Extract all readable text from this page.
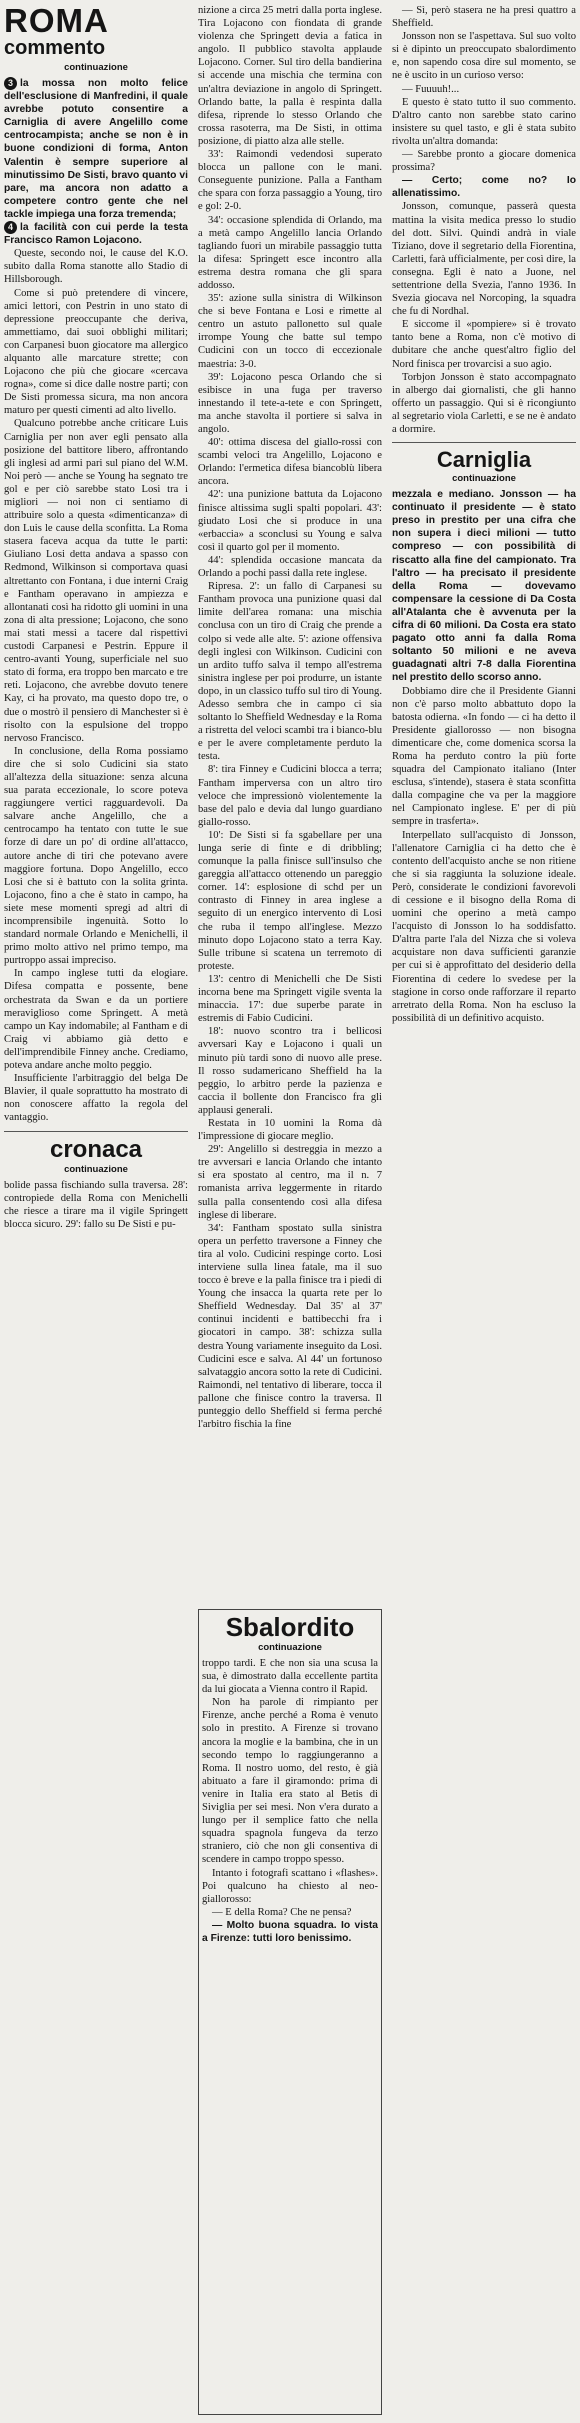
ROMA
commento
continuazione

3 la mossa non molto felice dell'esclusione di Manfredini, il quale avrebbe potuto consentire a Carniglia di avere Angelillo come centrocampista; anche se non è in buone condizioni di forma, Anton Valentin è sempre superiore al minutissimo De Sisti, bravo quanto vi pare, ma ancora non adatto a competere contro gente che nel tackle impiega una forza tremenda;

4 la facilità con cui perde la testa Francisco Ramon Lojacono.

Queste, secondo noi, le cause del K.O. subito dalla Roma stanotte allo Stadio di Hillsborough.

Come si può pretendere di vincere, amici lettori, con Pestrin in uno stato di depressione preoccupante che deriva, ammettiamo, dai suoi obblighi militari; con Carpanesi buon giocatore ma allergico alquanto alle marcature strette; con Lojacono che più che giocare «cercava rogna», come si dice dalle nostre parti; con De Sisti promessa sicura, ma non ancora maturo per questi cimenti ad alto livello.

Qualcuno potrebbe anche criticare Luis Carniglia per non aver egli pensato alla posizione del battitore libero, affrontando gli inglesi ad armi pari sul piano del W.M. Noi però — anche se Young ha segnato tre gol e per ciò sarebbe stato Losi tra i migliori — noi non ci sentiamo di attribuire solo a questa «dimenticanza» di don Luis le cause della sconfitta. La Roma stasera faceva acqua da tutte le parti: Giuliano Losi detta andava a spasso con Redmond, Wilkinson si comportava quasi altrettanto con Fontana, i due interni Craig e Fantham operavano in ampiezza e allontanati così ha ridotto gli uomini in una zona di alta pressione; Lojacono, che sono mai stati messi a tacere dal rispettivi custodi Carpanesi e Pestrin. Eppure il centro-avanti Young, superficiale nel suo stato di forma, era troppo ben marcato e tre reti. Lojacono, che avrebbe dovuto tenere Kay, ci ha provato, ma questo dopo tre, o due o mostrò il pensiero di Manchester sì è risolto con la espulsione del troppo nervoso Francisco.

In conclusione, della Roma possiamo dire che si solo Cudicini sia stato all'altezza della situazione: senza alcuna sua parata eccezionale, lo score poteva raggiungere vertici ragguardevoli. Da salvare anche Angelillo, che a centrocampo ha tentato con tutte le sue forze di dare un po' di ordine all'attacco, autore anche di tiri che potevano avere maggiore fortuna. Dopo Angelillo, ecco Losi che si è battuto con la solita grinta. Lojacono, fino a che è stato in campo, ha siete mese momenti spregi ad altri di incomprensibile ingenuità. Sotto lo standard normale Orlando e Menichelli, il primo molto attivo nel primo tempo, ma purtroppo assai impreciso.

In campo inglese tutti da elogiare. Difesa compatta e possente, bene orchestrata da Swan e da un portiere meraviglioso come Springett. A metà campo un Kay indomabile; al Fantham e di Craig vi abbiamo già detto e dell'imprendibile Finney anche. Crediamo, poteva andare anche molto peggio.

Insufficiente l'arbitraggio del belga De Blavier, il quale soprattutto ha mostrato di non conoscere affatto la regola del vantaggio.

cronaca
continuazione

bolide passa fischiando sulla traversa. 28': contropiede della Roma con Menichelli che riesce a tirare ma il vigile Springett blocca sicuro. 29': fallo su De Sisti e pu-

nizione a circa 25 metri dalla porta inglese. Tira Lojacono con fiondata di grande violenza che Springett devia a fatica in angolo. Il pubblico stavolta applaude Lojacono. Corner. Sul tiro della bandierina si accende una mischia che termina con un'altra deviazione in angolo di Springett. Orlando batte, la palla è respinta dalla difesa, riprende lo stesso Orlando che crossa rasoterra, ma De Sisti, in ottima posizione, di piatto alza alle stelle.

33': Raimondi vedendosi superato blocca un pallone con le mani. Conseguente punizione. Palla a Fantham che spara con forza passaggio a Young, tiro e gol: 2-0.

34': occasione splendida di Orlando, ma a metà campo Angelillo lancia Orlando tagliando fuori un mirabile passaggio tutta la difesa: Springett esce incontro alla estrema destra romana che gli spara addosso.

35': azione sulla sinistra di Wilkinson che si beve Fontana e Losi e rimette al centro un astuto pallonetto sul quale irrompe Young che batte sul tempo Cudicini con un tocco di eccezionale maestria: 3-0.

39': Lojacono pesca Orlando che si esibisce in una fuga per traverso innestando il tete-a-tete e con Springett, ma anche stavolta il portiere si salva in angolo.

40': ottima discesa del giallo-rossi con scambi veloci tra Angelillo, Lojacono e Orlando: l'ermetica difesa biancoblù libera ancora.

42': una punizione battuta da Lojacono finisce altissima sugli spalti popolari. 43': giudato Losi che si produce in una «erbaccia» a sconclusi su Young e salva così il quarto gol per il momento.

44': splendida occasione mancata da Orlando a pochi passi dalla rete inglese.

Ripresa. 2': un fallo di Carpanesi su Fantham provoca una punizione quasi dal limite dell'area romana: una mischia conclusa con un tiro di Craig che prende a colpo si vede alle alte. 5': azione offensiva degli inglesi con Wilkinson. Cudicini con un ardito tuffo salva il tempo all'estrema sinistra inglese per poi produrre, un istante dopo, in un classico tuffo sul tiro di Young. Adesso sembra che in campo ci sia soltanto lo Sheffield Wednesday e la Roma a ristretta del veloci scambi tra i bianco-blu e per le avere completamente perduto la testa.

8': tira Finney e Cudicini blocca a terra; Fantham imperversa con un altro tiro veloce che impressionò violentemente la base del palo e devia dal lungo guardiano giallo-rosso.

10': De Sisti si fa sgabellare per una lunga serie di finte e di dribbling; comunque la palla finisce sull'insulso che gareggia all'attacco ottenendo un pareggio corner. 14': esplosione di schd per un contrasto di Finney in area inglese a seguito di un energico intervento di Losi che ruba il tempo all'inglese. Mezzo minuto dopo Lojacono stato a terra Kay. Sulle tribune si scatena un terremoto di proteste.

13': centro di Menichelli che De Sisti incorna bene ma Springett vigile sventa la minaccia. 17': due superbe parate in estremis di Fabio Cudicini.

18': nuovo scontro tra i bellicosi avversari Kay e Lojacono i quali un minuto più tardi sono di nuovo alle prese. Il rosso sudamericano Sheffield ha la peggio, lo arbitro perde la pazienza e caccia il bollente don Francisco fra gli applausi generali.

Restata in 10 uomini la Roma dà l'impressione di giocare meglio.

29': Angelillo si destreggia in mezzo a tre avversari e lancia Orlando che intanto si era spostato al centro, ma il n. 7 romanista arriva leggermente in ritardo sulla palla consentendo così alla difesa inglese di liberare.

34': Fantham spostato sulla sinistra opera un perfetto traversone a Finney che tira al volo. Cudicini respinge corto. Losi interviene sulla linea fatale, ma il suo tocco è breve e la palla finisce tra i piedi di Young che insacca la quarta rete per lo Sheffield Wednesday. Dal 35' al 37' continui incidenti e battibecchi fra i giocatori in campo. 38': schizza sulla destra Young variamente inseguito da Losi. Cudicini esce e salva. Al 44' un fortunoso salvataggio ancora sotto la rete di Cudicini. Raimondi, nel tentativo di liberare, tocca il pallone che finisce contro la traversa. Il punteggio dello Sheffield si ferma perché l'arbitro fischia la fine

Sbalordito
continuazione

troppo tardi. E che non sia una scusa la sua, è dimostrato dalla eccellente partita da lui giocata a Vienna contro il Rapid.

Non ha parole di rimpianto per Firenze, anche perché a Roma è venuto solo in prestito. A Firenze si trovano ancora la moglie e la bambina, che in un secondo tempo lo raggiungeranno a Roma. Il nostro uomo, del resto, è già abituato a fare il giramondo: prima di venire in Italia era stato al Betis di Siviglia per sei mesi. Non v'era durato a lungo per il semplice fatto che nella squadra spagnola fungeva da terzo straniero, ciò che non gli consentiva di scendere in campo troppo spesso.

Intanto i fotografi scattano i «flashes». Poi qualcuno ha chiesto al neo-giallorosso:

— E della Roma? Che ne pensa?

— Molto buona squadra. Io vista a Firenze: tutti loro benissimo.

— Sì, però stasera ne ha presi quattro a Sheffield.

Jonsson non se l'aspettava. Sul suo volto si è dipinto un preoccupato sbalordimento e, non sapendo cosa dire sul momento, se ne è uscito in un curioso verso:

— Fuuuuh!...

E questo è stato tutto il suo commento. D'altro canto non sarebbe stato carino insistere su quel tasto, e gli è stata subito rivolta un'altra domanda:

— Sarebbe pronto a giocare domenica prossima?

— Certo; come no? Io allenatissimo.

Jonsson, comunque, passerà questa mattina la visita medica presso lo studio del dott. Silvi. Quindi andrà in viale Tiziano, dove il segretario della Fiorentina, Carletti, farà ufficialmente, per così dire, la consegna. Egli è nato a Juone, nel settentrione della Svezia, l'anno 1936. In Svezia giocava nel Norcoping, la squadra che fu di Nordhal.

E siccome il «pompiere» si è trovato tanto bene a Roma, non c'è motivo di dubitare che anche quest'altro figlio del Nord finisca per trovarcisi a suo agio.

Torbjon Jonsson è stato accompagnato in albergo dai giornalisti, che gli hanno offerto un passaggio. Qui si è ricongiunto al segretario viola Carletti, e se ne è andato a dormire.

Carniglia
continuazione

mezzala e mediano. Jonsson — ha continuato il presidente — è stato preso in prestito per una cifra che non supera i dieci milioni — tutto compreso — con possibilità di riscatto alla fine del campionato. Tra l'altro — ha precisato il presidente della Roma — dovevamo compensare la cessione di Da Costa all'Atalanta che è avvenuta per la cifra di 60 milioni. Da Costa era stato pagato otto anni fa dalla Roma soltanto 50 milioni e ne aveva guadagnati altri 7-8 dalla Fiorentina nel prestito dello scorso anno.

Dobbiamo dire che il Presidente Gianni non c'è parso molto abbattuto dopo la batosta odierna. «In fondo — ci ha detto il Presidente giallorosso — non bisogna dimenticare che, come domenica scorsa la Roma ha perduto contro la più forte squadra del Campionato italiano (Inter esclusa, s'intende), stasera è stata sconfitta dalla compagine che va per la maggiore nel Campionato inglese. E' per di più sempre in trasferta».

Interpellato sull'acquisto di Jonsson, l'allenatore Carniglia ci ha detto che è contento dell'acquisto anche se non ritiene che si sia raggiunta la soluzione ideale. Però, considerate le condizioni favorevoli di cessione e il bisogno della Roma di uomini che operino a metà campo l'acquisto di Jonsson lo ha soddisfatto. D'altra parte l'ala del Nizza che si voleva acquistare non dava sufficienti garanzie per cui si è approfittato del desiderio della Fiorentina di cedere lo svedese per la stagione in corso onde rafforzare il reparto arretrato della Roma. Non ha escluso la possibilità di un definitivo acquisto.
